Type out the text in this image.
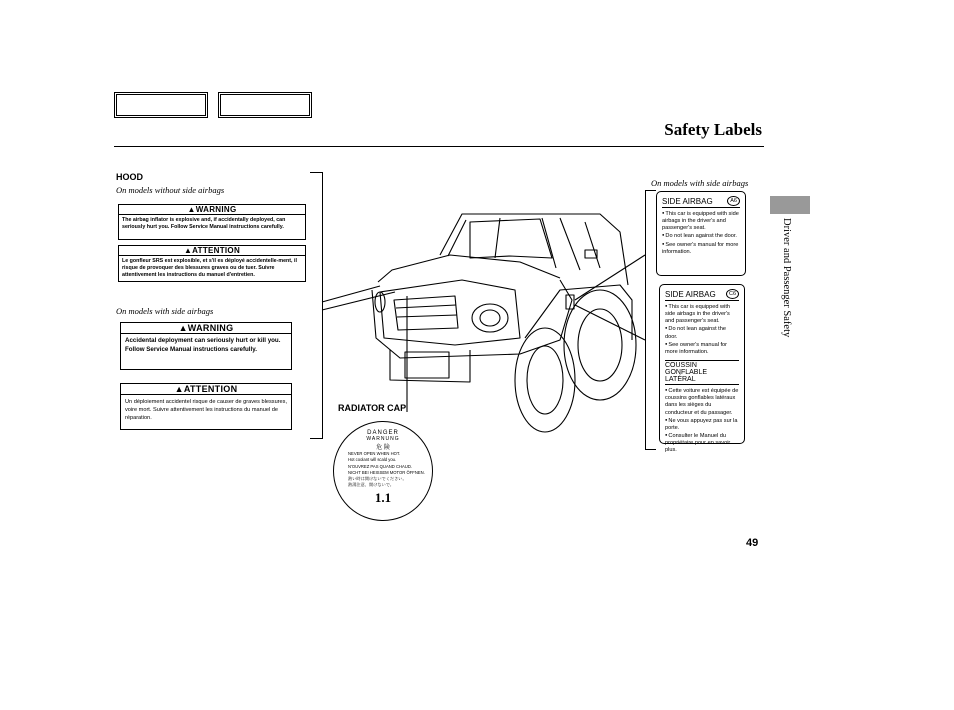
Safety Labels
Driver and Passenger Safety
HOOD
On models without side airbags
▲WARNING
The airbag inflator is explosive and, if accidentally deployed, can seriously hurt you. Follow Service Manual instructions carefully.
▲ATTENTION
Le gonfleur SRS est explosible, et s'il es déployé accidentelle-ment, il risque de provoquer des blessures graves ou de tuer. Suivre attentivement les instructions du manuel d'entretien.
On models with side airbags
▲WARNING
Accidental deployment can seriously hurt or kill you. Follow Service Manual instructions carefully.
▲ATTENTION
Un déploiement accidentel risque de causer de graves blessures, voire mort. Suivre attentivement les instructions du manuel de réparation.
On models with side airbags
SIDE AIRBAG	A6
● This car is equipped with side airbags in the driver's and passenger's seat.
● Do not lean against the door.
● See owner's manual for more information.
SIDE AIRBAG	C6
● This car is equipped with side airbags in the driver's and passenger's seat.
● Do not lean against the door.
● See owner's manual for more information.
COUSSIN GONFLABLE LATÉRAL
● Cette voiture est équipée de coussins gonflables latéraux dans les sièges du conducteur et du passager.
● Ne vous appuyez pas sur la porte.
● Consulter le Manuel du propriétaire pour en savoir plus.
RADIATOR CAP
DANGER
WARNUNG
危 険
NEVER OPEN WHEN HOT.
Hot coolant will scald you.
N'OUVREZ PAS QUAND CHAUD.
NICHT BEI HEISSEM MOTOR ÖFFNEN.
熱い時は開けないでください。
熱湯注意、開けないで。
1.1
49
